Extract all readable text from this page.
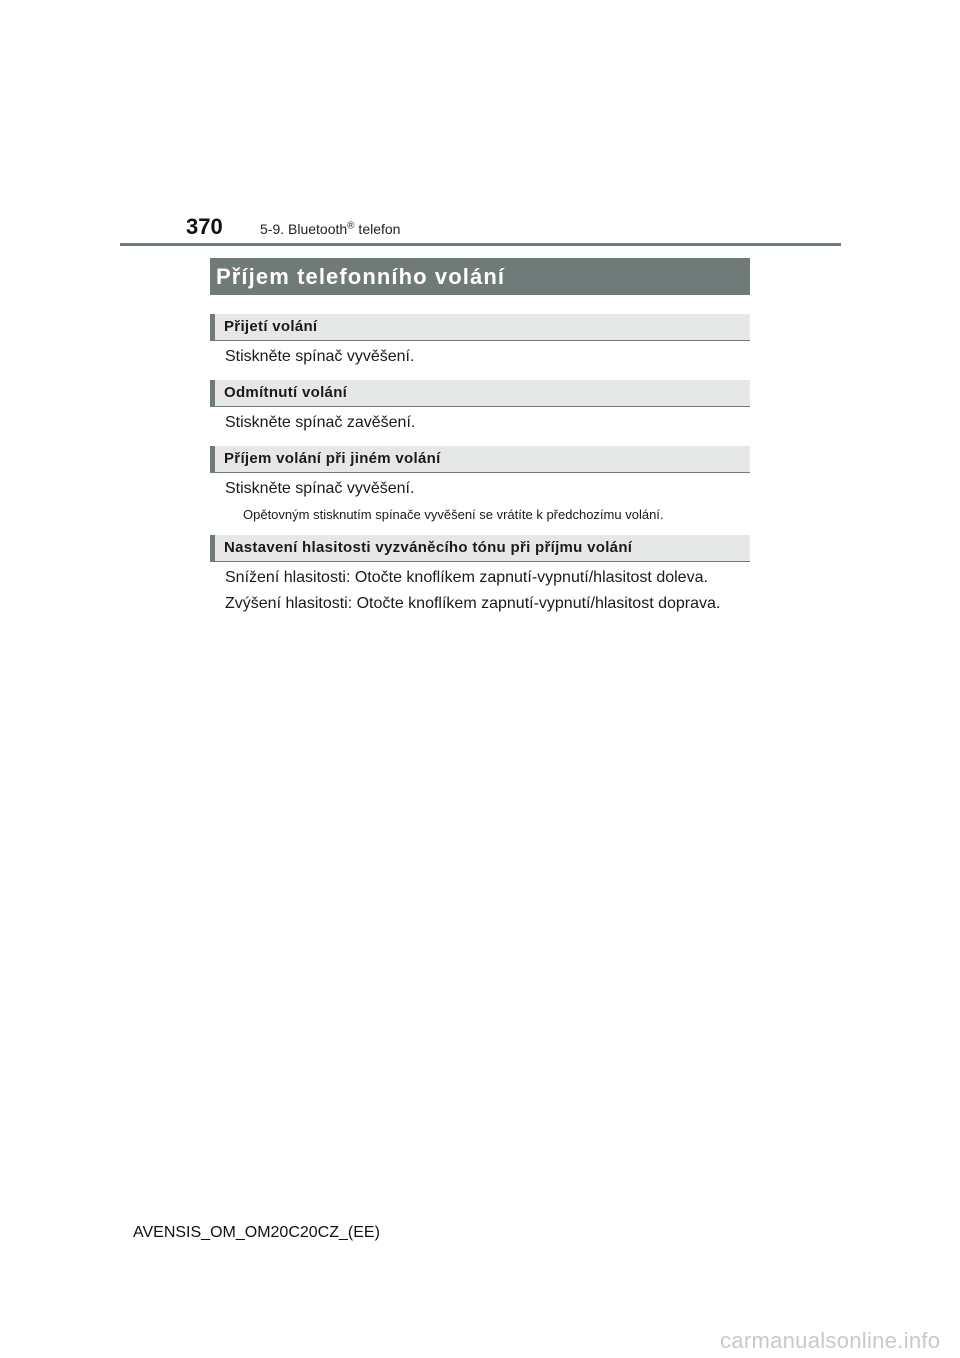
370	5-9. Bluetooth® telefon
Příjem telefonního volání
Přijetí volání
Stiskněte spínač vyvěšení.
Odmítnutí volání
Stiskněte spínač zavěšení.
Příjem volání při jiném volání
Stiskněte spínač vyvěšení.
Opětovným stisknutím spínače vyvěšení se vrátíte k předchozímu volání.
Nastavení hlasitosti vyzváněcího tónu při příjmu volání
Snížení hlasitosti: Otočte knoflíkem zapnutí-vypnutí/hlasitost doleva.
Zvýšení hlasitosti: Otočte knoflíkem zapnutí-vypnutí/hlasitost doprava.
AVENSIS_OM_OM20C20CZ_(EE)
carmanualsonline.info
